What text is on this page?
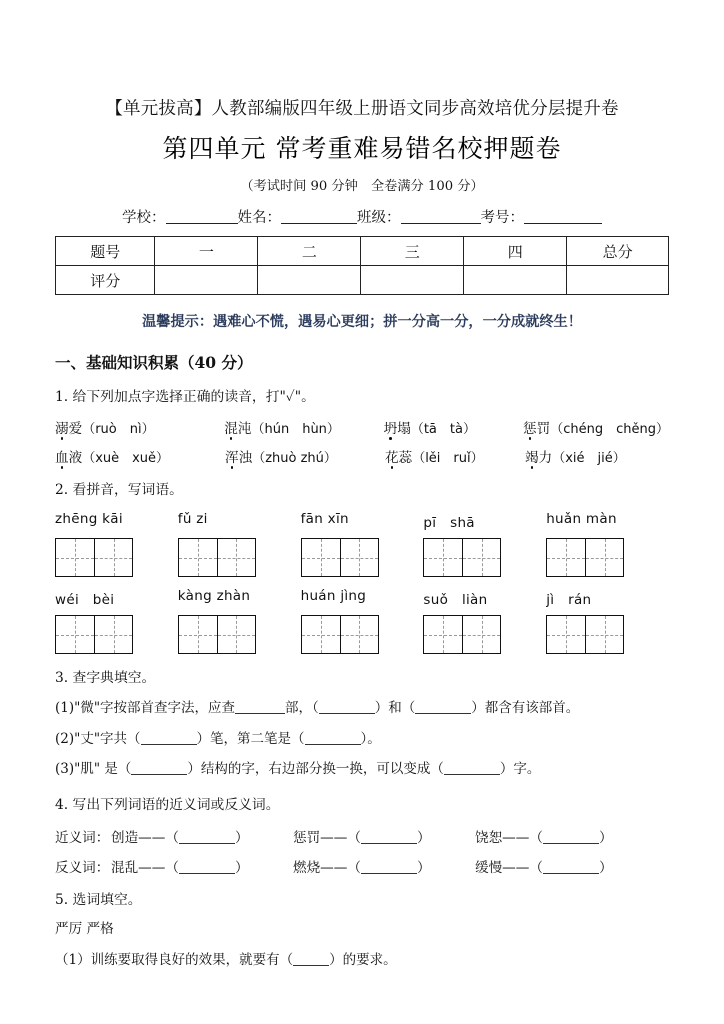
【单元拔高】人教部编版四年级上册语文同步高效培优分层提升卷
第四单元 常考重难易错名校押题卷
（考试时间 90 分钟　全卷满分 100 分）
学校：	姓名：	班级：	考号：
题号	一	二	三	四	总分
评分					
温馨提示：遇难心不慌，遇易心更细；拼一分高一分，一分成就终生！
一、基础知识积累（40 分）
1. 给下列加点字选择正确的读音，打"✓"。
溺爱（ruò　nì）	混沌（hún　hùn）	坍塌（tā　tà）	惩罚（chéng　chěng）
血液（xuè　xuě）	浑浊（zhuò zhú）	花蕊（lěi　ruǐ）	竭力（xié　jié）
2. 看拼音，写词语。
zhēng kāi	fǔ zi	fān xīn	pī　shā	huǎn màn
wéi　bèi	kàng zhàn	huán jìng	suǒ　liàn	jì　rán
3. 查字典填空。
(1)"微"字按部首查字法，应查	部，（	）和（	）都含有该部首。
(2)"丈"字共（	）笔，第二笔是（	）。
(3)"肌" 是（	）结构的字，右边部分换一换，可以变成（	）字。
4. 写出下列词语的近义词或反义词。
近义词： 创造——（	）	惩罚——（	）	饶恕——（	）
反义词： 混乱——（	）	燃烧——（	）	缓慢——（	）
5. 选词填空。
严厉 严格
（1）训练要取得良好的效果，就要有（	）的要求。
